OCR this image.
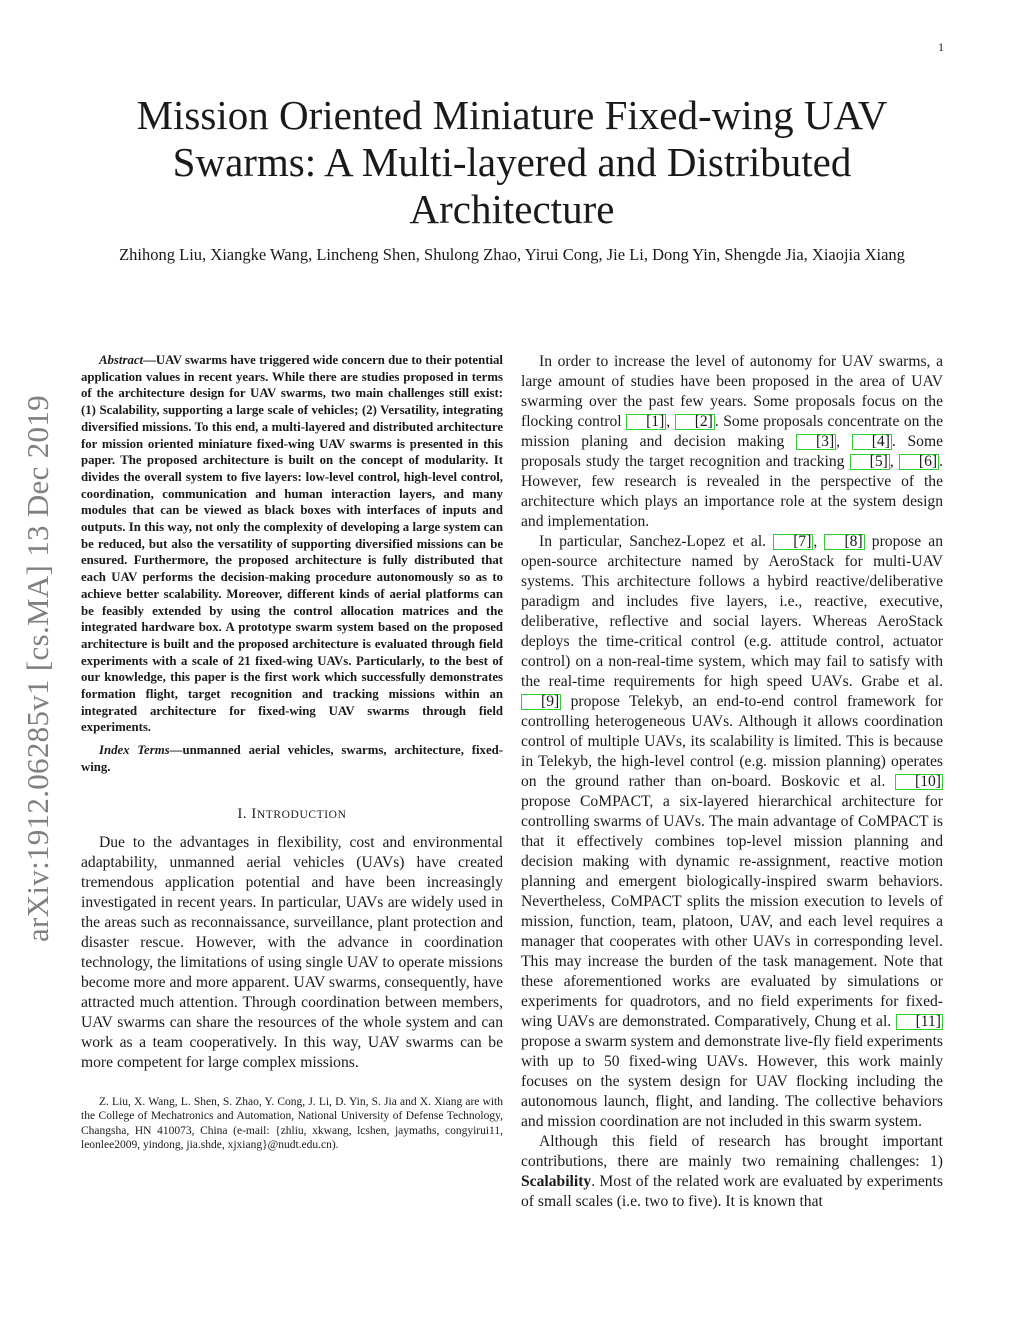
1
Mission Oriented Miniature Fixed-wing UAV Swarms: A Multi-layered and Distributed Architecture
Zhihong Liu, Xiangke Wang, Lincheng Shen, Shulong Zhao, Yirui Cong, Jie Li, Dong Yin, Shengde Jia, Xiaojia Xiang
arXiv:1912.06285v1 [cs.MA] 13 Dec 2019

Abstract—UAV swarms have triggered wide concern due to their potential application values in recent years. While there are studies proposed in terms of the architecture design for UAV swarms, two main challenges still exist: (1) Scalability, supporting a large scale of vehicles; (2) Versatility, integrating diversified missions. To this end, a multi-layered and distributed architecture for mission oriented miniature fixed-wing UAV swarms is presented in this paper. The proposed architecture is built on the concept of modularity. It divides the overall system to five layers: low-level control, high-level control, coordination, communication and human interaction layers, and many modules that can be viewed as black boxes with interfaces of inputs and outputs. In this way, not only the complexity of developing a large system can be reduced, but also the versatility of supporting diversified missions can be ensured. Furthermore, the proposed architecture is fully distributed that each UAV performs the decision-making procedure autonomously so as to achieve better scalability. Moreover, different kinds of aerial platforms can be feasibly extended by using the control allocation matrices and the integrated hardware box. A prototype swarm system based on the proposed architecture is built and the proposed architecture is evaluated through field experiments with a scale of 21 fixed-wing UAVs. Particularly, to the best of our knowledge, this paper is the first work which successfully demonstrates formation flight, target recognition and tracking missions within an integrated architecture for fixed-wing UAV swarms through field experiments.

Index Terms—unmanned aerial vehicles, swarms, architecture, fixed-wing.

I. INTRODUCTION

Due to the advantages in flexibility, cost and environmental adaptability, unmanned aerial vehicles (UAVs) have created tremendous application potential and have been increasingly investigated in recent years. In particular, UAVs are widely used in the areas such as reconnaissance, surveillance, plant protection and disaster rescue. However, with the advance in coordination technology, the limitations of using single UAV to operate missions become more and more apparent. UAV swarms, consequently, have attracted much attention. Through coordination between members, UAV swarms can share the resources of the whole system and can work as a team cooperatively. In this way, UAV swarms can be more competent for large complex missions.

Z. Liu, X. Wang, L. Shen, S. Zhao, Y. Cong, J. Li, D. Yin, S. Jia and X. Xiang are with the College of Mechatronics and Automation, National University of Defense Technology, Changsha, HN 410073, China (e-mail: {zhliu, xkwang, lcshen, jaymaths, congyirui11, leonlee2009, yindong, jia.shde, xjxiang}@nudt.edu.cn).

In order to increase the level of autonomy for UAV swarms, a large amount of studies have been proposed in the area of UAV swarming over the past few years. Some proposals focus on the flocking control [1] , [2] . Some proposals concentrate on the mission planing and decision making [3] , [4] . Some proposals study the target recognition and tracking [5] , [6] . However, few research is revealed in the perspective of the architecture which plays an importance role at the system design and implementation.

In particular, Sanchez-Lopez et al. [7] , [8] propose an open-source architecture named by AeroStack for multi-UAV systems. This architecture follows a hybird reactive/deliberative paradigm and includes five layers, i.e., reactive, executive, deliberative, reflective and social layers. Whereas AeroStack deploys the time-critical control (e.g. attitude control, actuator control) on a non-real-time system, which may fail to satisfy with the real-time requirements for high speed UAVs. Grabe et al. [9] propose Telekyb, an end-to-end control framework for controlling heterogeneous UAVs. Although it allows coordination control of multiple UAVs, its scalability is limited. This is because in Telekyb, the high-level control (e.g. mission planning) operates on the ground rather than on-board. Boskovic et al. [10] propose CoMPACT, a six-layered hierarchical architecture for controlling swarms of UAVs. The main advantage of CoMPACT is that it effectively combines top-level mission planning and decision making with dynamic re-assignment, reactive motion planning and emergent biologically-inspired swarm behaviors. Nevertheless, CoMPACT splits the mission execution to levels of mission, function, team, platoon, UAV, and each level requires a manager that cooperates with other UAVs in corresponding level. This may increase the burden of the task management. Note that these aforementioned works are evaluated by simulations or experiments for quadrotors, and no field experiments for fixed-wing UAVs are demonstrated. Comparatively, Chung et al. [11] propose a swarm system and demonstrate live-fly field experiments with up to 50 fixed-wing UAVs. However, this work mainly focuses on the system design for UAV flocking including the autonomous launch, flight, and landing. The collective behaviors and mission coordination are not included in this swarm system.

Although this field of research has brought important contributions, there are mainly two remaining challenges: 1) Scalability. Most of the related work are evaluated by experiments of small scales (i.e. two to five). It is known that
